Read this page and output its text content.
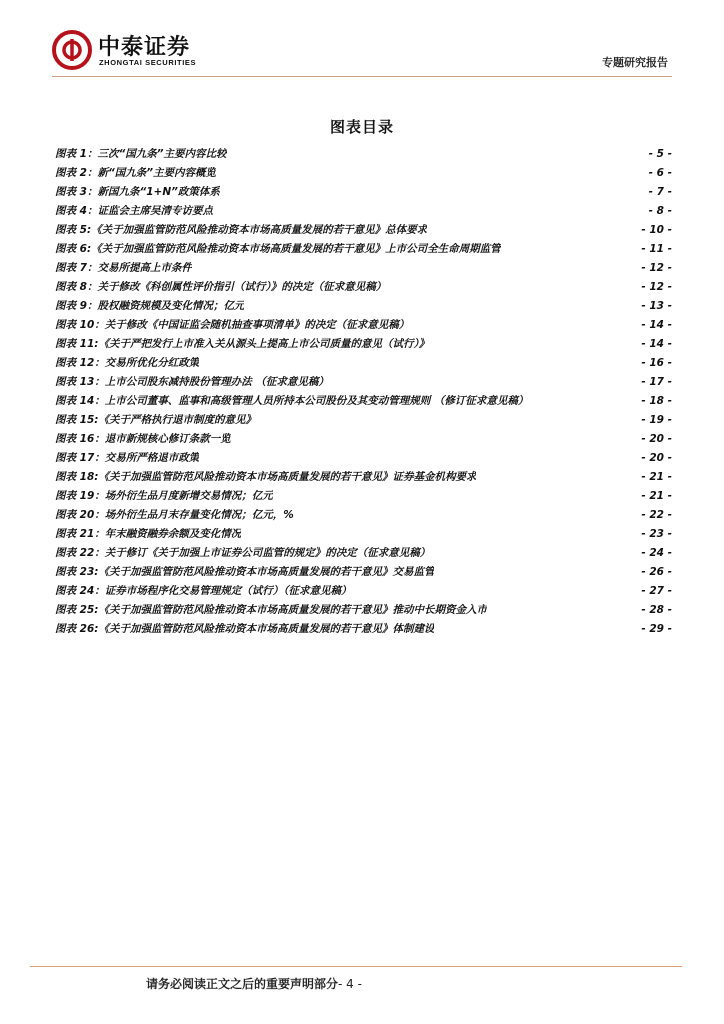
中泰证券
ZHONGTAI SECURITIES	专题研究报告
图表目录
图表 1：三次“国九条”主要内容比较	- 5 -
图表 2：新“国九条”主要内容概览	- 6 -
图表 3：新国九条“1+N”政策体系	- 7 -
图表 4：证监会主席吴清专访要点	- 8 -
图表 5:《关于加强监管防范风险推动资本市场高质量发展的若干意见》总体要求	- 10 -
图表 6:《关于加强监管防范风险推动资本市场高质量发展的若干意见》上市公司全生命周期监管	- 11 -
图表 7：交易所提高上市条件	- 12 -
图表 8：关于修改《科创属性评价指引（试行）》的决定（征求意见稿）	- 12 -
图表 9：股权融资规模及变化情况；亿元	- 13 -
图表 10：关于修改《中国证监会随机抽查事项清单》的决定（征求意见稿）	- 14 -
图表 11:《关于严把发行上市准入关从源头上提高上市公司质量的意见（试行）》	- 14 -
图表 12：交易所优化分红政策	- 16 -
图表 13：上市公司股东减持股份管理办法 （征求意见稿）	- 17 -
图表 14：上市公司董事、监事和高级管理人员所持本公司股份及其变动管理规则 （修订征求意见稿）	- 18 -
图表 15:《关于严格执行退市制度的意见》	- 19 -
图表 16：退市新规核心修订条款一览	- 20 -
图表 17：交易所严格退市政策	- 20 -
图表 18:《关于加强监管防范风险推动资本市场高质量发展的若干意见》证券基金机构要求	- 21 -
图表 19：场外衍生品月度新增交易情况；亿元	- 21 -
图表 20：场外衍生品月末存量变化情况；亿元，%	- 22 -
图表 21：年末融资融券余额及变化情况	- 23 -
图表 22：关于修订《关于加强上市证券公司监管的规定》的决定（征求意见稿）	- 24 -
图表 23:《关于加强监管防范风险推动资本市场高质量发展的若干意见》交易监管	- 26 -
图表 24：证券市场程序化交易管理规定（试行）（征求意见稿）	- 27 -
图表 25:《关于加强监管防范风险推动资本市场高质量发展的若干意见》推动中长期资金入市	- 28 -
图表 26:《关于加强监管防范风险推动资本市场高质量发展的若干意见》体制建设	- 29 -
请务必阅读正文之后的重要声明部分- 4 -
